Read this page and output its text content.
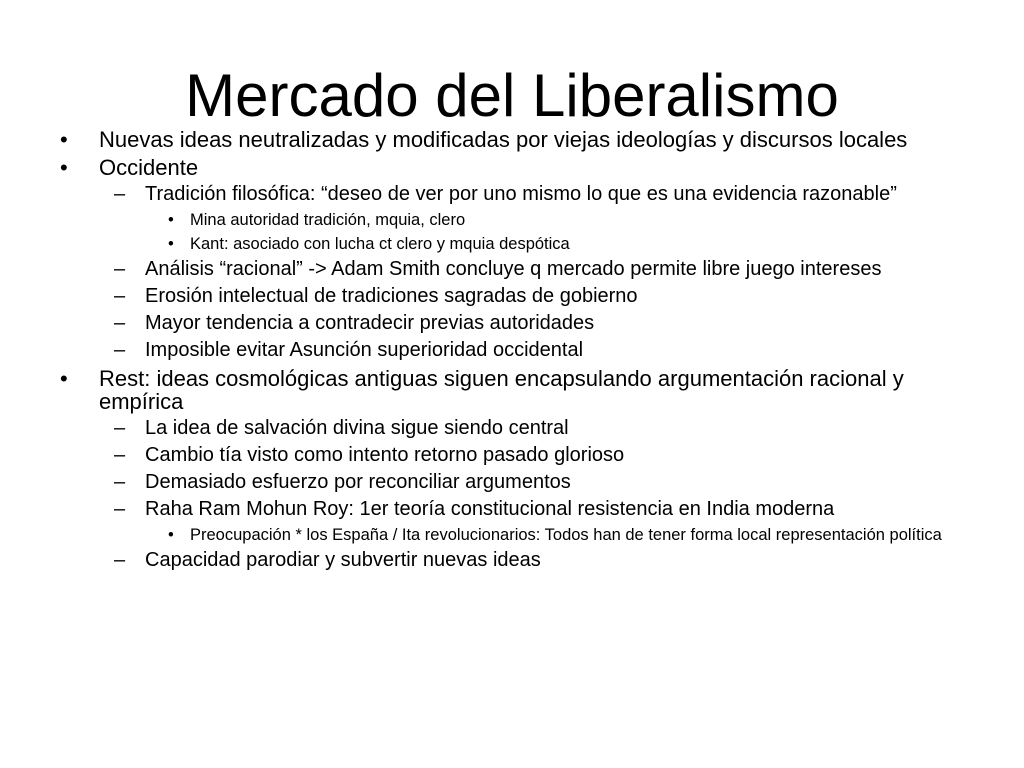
Mercado del Liberalismo
• Nuevas ideas neutralizadas y modificadas por viejas ideologías y discursos locales
• Occidente
– Tradición filosófica: “deseo de ver por uno mismo lo que es una evidencia razonable”
• Mina autoridad tradición, mquia, clero
• Kant: asociado con lucha ct clero y mquia despótica
– Análisis “racional” -> Adam Smith concluye q mercado permite libre juego intereses
– Erosión intelectual de tradiciones sagradas de gobierno
– Mayor tendencia a contradecir previas autoridades
– Imposible evitar Asunción superioridad occidental
• Rest: ideas cosmológicas antiguas siguen encapsulando argumentación racional y empírica
– La idea de salvación divina sigue siendo central
– Cambio tía visto como intento retorno pasado glorioso
– Demasiado esfuerzo por reconciliar argumentos
– Raha Ram Mohun Roy: 1er teoría constitucional resistencia en India moderna
• Preocupación * los España / Ita revolucionarios: Todos han de tener forma local representación política
– Capacidad parodiar y subvertir nuevas ideas
